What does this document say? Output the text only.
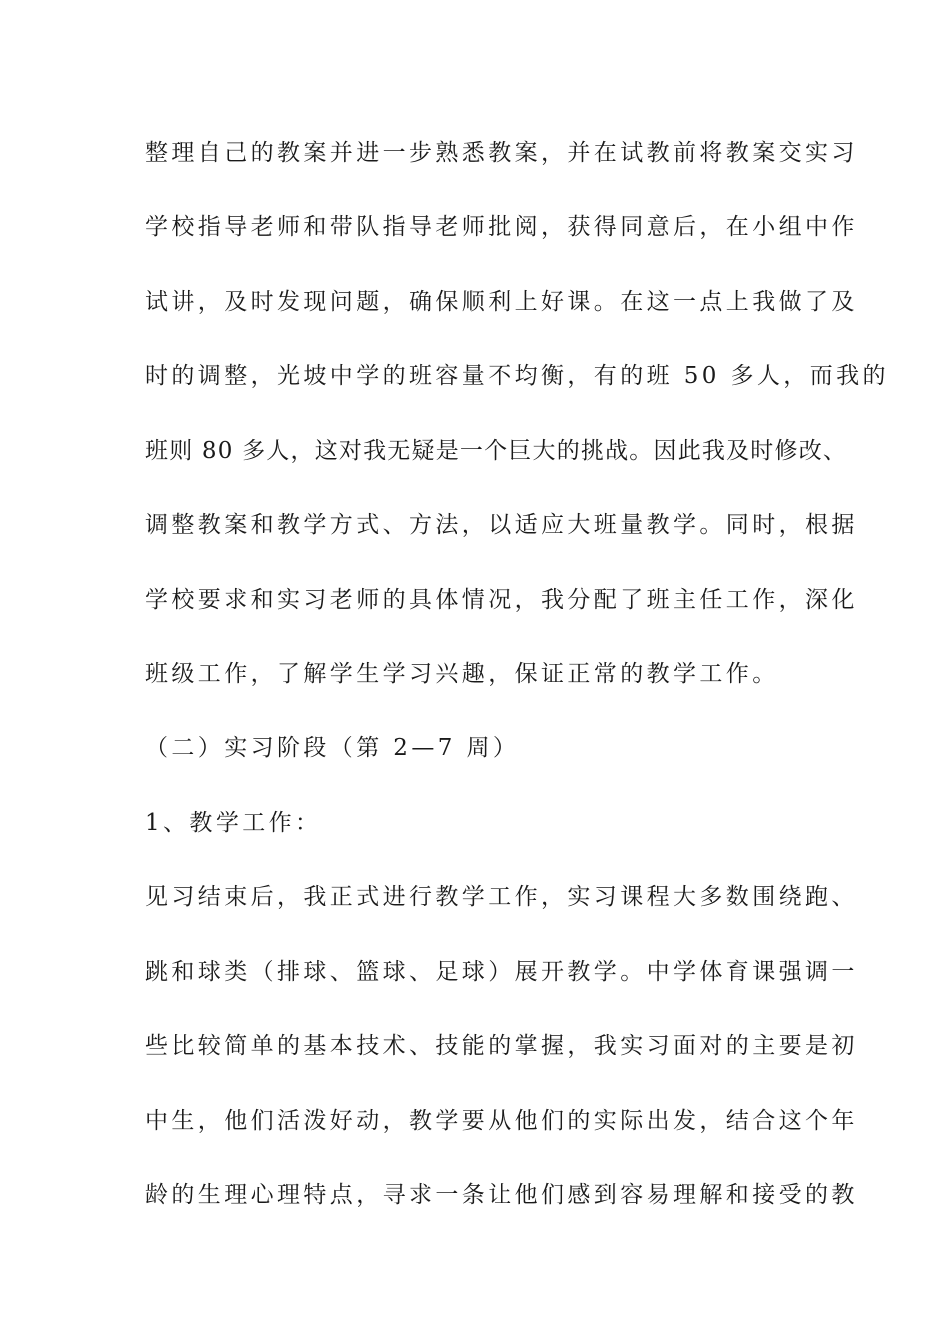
整理自己的教案并进一步熟悉教案，并在试教前将教案交实习

学校指导老师和带队指导老师批阅，获得同意后，在小组中作

试讲，及时发现问题，确保顺利上好课。在这一点上我做了及

时的调整，光坡中学的班容量不均衡，有的班 50 多人，而我的

班则 80 多人，这对我无疑是一个巨大的挑战。因此我及时修改、

调整教案和教学方式、方法，以适应大班量教学。同时，根据

学校要求和实习老师的具体情况，我分配了班主任工作，深化

班级工作，了解学生学习兴趣，保证正常的教学工作。

（二）实习阶段（第 2—7 周）

1、教学工作：

见习结束后，我正式进行教学工作，实习课程大多数围绕跑、

跳和球类（排球、篮球、足球）展开教学。中学体育课强调一

些比较简单的基本技术、技能的掌握，我实习面对的主要是初

中生，他们活泼好动，教学要从他们的实际出发，结合这个年

龄的生理心理特点，寻求一条让他们感到容易理解和接受的教
